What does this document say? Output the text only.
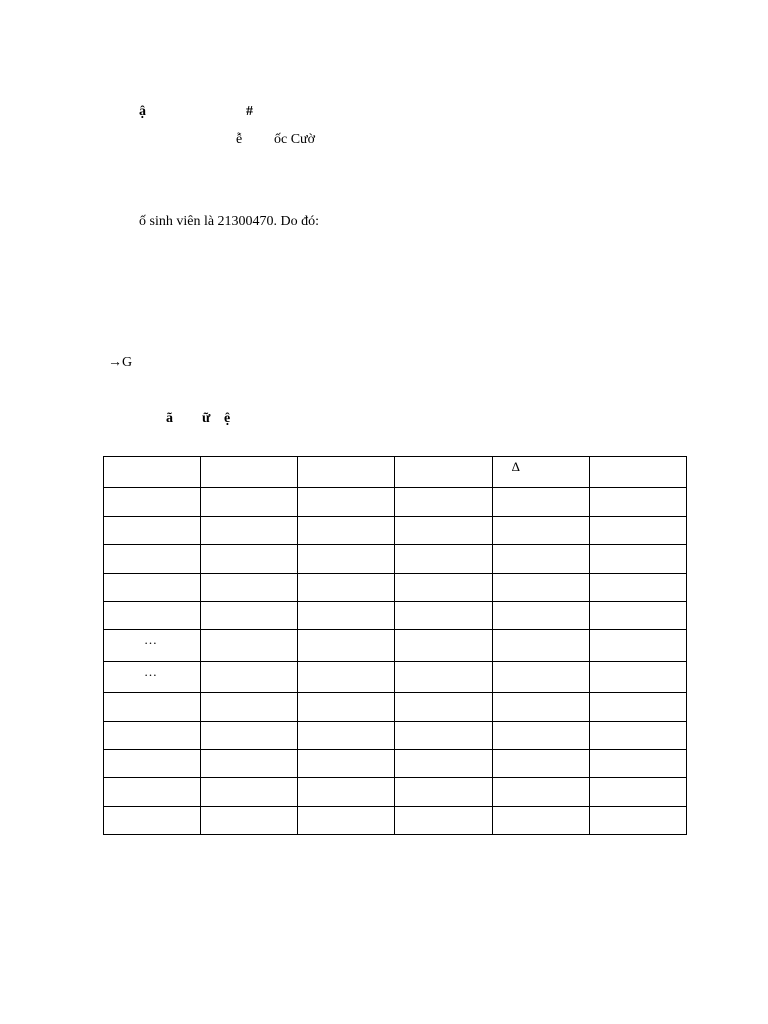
ậ	#
ễ ốc Cườ
ố sinh viên là 21300470. Do đó:
→G
ã ữ ệ
				Δ	

…					
…					
